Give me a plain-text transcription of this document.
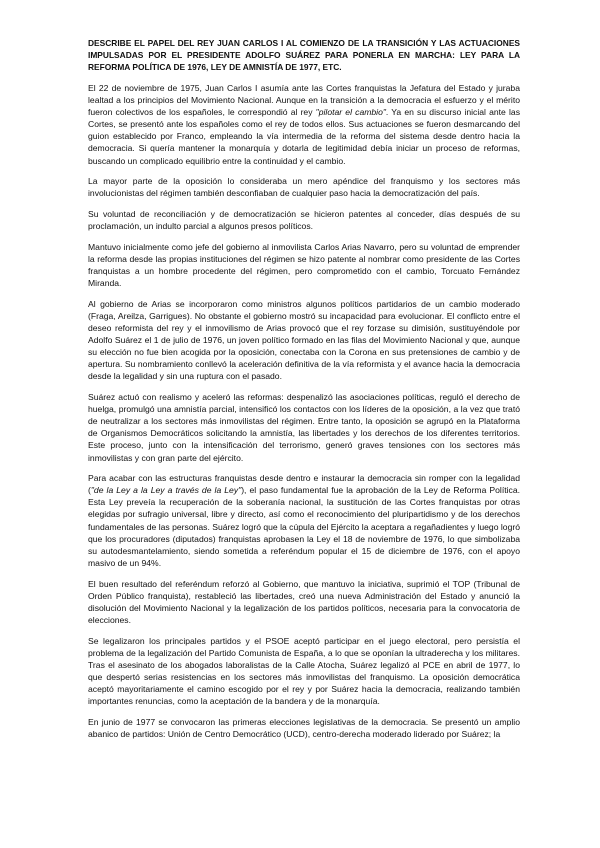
DESCRIBE EL PAPEL DEL REY JUAN CARLOS I AL COMIENZO DE LA TRANSICIÓN Y LAS ACTUACIONES IMPULSADAS POR EL PRESIDENTE ADOLFO SUÁREZ PARA PONERLA EN MARCHA: LEY PARA LA REFORMA POLÍTICA DE 1976, LEY DE AMNISTÍA DE 1977, ETC.

El 22 de noviembre de 1975, Juan Carlos I asumía ante las Cortes franquistas la Jefatura del Estado y juraba lealtad a los principios del Movimiento Nacional. Aunque en la transición a la democracia el esfuerzo y el mérito fueron colectivos de los españoles, le correspondió al rey "pilotar el cambio". Ya en su discurso inicial ante las Cortes, se presentó ante los españoles como el rey de todos ellos. Sus actuaciones se fueron desmarcando del guion establecido por Franco, empleando la vía intermedia de la reforma del sistema desde dentro hacia la democracia. Si quería mantener la monarquía y dotarla de legitimidad debía iniciar un proceso de reformas, buscando un complicado equilibrio entre la continuidad y el cambio.

La mayor parte de la oposición lo consideraba un mero apéndice del franquismo y los sectores más involucionistas del régimen también desconfiaban de cualquier paso hacia la democratización del país.

Su voluntad de reconciliación y de democratización se hicieron patentes al conceder, días después de su proclamación, un indulto parcial a algunos presos políticos.

Mantuvo inicialmente como jefe del gobierno al inmovilista Carlos Arias Navarro, pero su voluntad de emprender la reforma desde las propias instituciones del régimen se hizo patente al nombrar como presidente de las Cortes franquistas a un hombre procedente del régimen, pero comprometido con el cambio, Torcuato Fernández Miranda.

Al gobierno de Arias se incorporaron como ministros algunos políticos partidarios de un cambio moderado (Fraga, Areilza, Garrigues). No obstante el gobierno mostró su incapacidad para evolucionar. El conflicto entre el deseo reformista del rey y el inmovilismo de Arias provocó que el rey forzase su dimisión, sustituyéndole por Adolfo Suárez el 1 de julio de 1976, un joven político formado en las filas del Movimiento Nacional y que, aunque su elección no fue bien acogida por la oposición, conectaba con la Corona en sus pretensiones de cambio y de apertura. Su nombramiento conllevó la aceleración definitiva de la vía reformista y el avance hacia la democracia desde la legalidad y sin una ruptura con el pasado.

Suárez actuó con realismo y aceleró las reformas: despenalizó las asociaciones políticas, reguló el derecho de huelga, promulgó una amnistía parcial, intensificó los contactos con los líderes de la oposición, a la vez que trató de neutralizar a los sectores más inmovilistas del régimen. Entre tanto, la oposición se agrupó en la Plataforma de Organismos Democráticos solicitando la amnistía, las libertades y los derechos de los diferentes territorios. Este proceso, junto con la intensificación del terrorismo, generó graves tensiones con los sectores más inmovilistas y con gran parte del ejército.

Para acabar con las estructuras franquistas desde dentro e instaurar la democracia sin romper con la legalidad ("de la Ley a la Ley a través de la Ley"), el paso fundamental fue la aprobación de la Ley de Reforma Política. Esta Ley preveía la recuperación de la soberanía nacional, la sustitución de las Cortes franquistas por otras elegidas por sufragio universal, libre y directo, así como el reconocimiento del pluripartidismo y de los derechos fundamentales de las personas. Suárez logró que la cúpula del Ejército la aceptara a regañadientes y luego logró que los procuradores (diputados) franquistas aprobasen la Ley el 18 de noviembre de 1976, lo que simbolizaba su autodesmantelamiento, siendo sometida a referéndum popular el 15 de diciembre de 1976, con el apoyo masivo de un 94%.

El buen resultado del referéndum reforzó al Gobierno, que mantuvo la iniciativa, suprimió el TOP (Tribunal de Orden Público franquista), restableció las libertades, creó una nueva Administración del Estado y anunció la disolución del Movimiento Nacional y la legalización de los partidos políticos, necesaria para la convocatoria de elecciones.

Se legalizaron los principales partidos y el PSOE aceptó participar en el juego electoral, pero persistía el problema de la legalización del Partido Comunista de España, a lo que se oponían la ultraderecha y los militares. Tras el asesinato de los abogados laboralistas de la Calle Atocha, Suárez legalizó al PCE en abril de 1977, lo que despertó serias resistencias en los sectores más inmovilistas del franquismo. La oposición democrática aceptó mayoritariamente el camino escogido por el rey y por Suárez hacia la democracia, realizando también importantes renuncias, como la aceptación de la bandera y de la monarquía.

En junio de 1977 se convocaron las primeras elecciones legislativas de la democracia. Se presentó un amplio abanico de partidos: Unión de Centro Democrático (UCD), centro-derecha moderado liderado por Suárez; la
